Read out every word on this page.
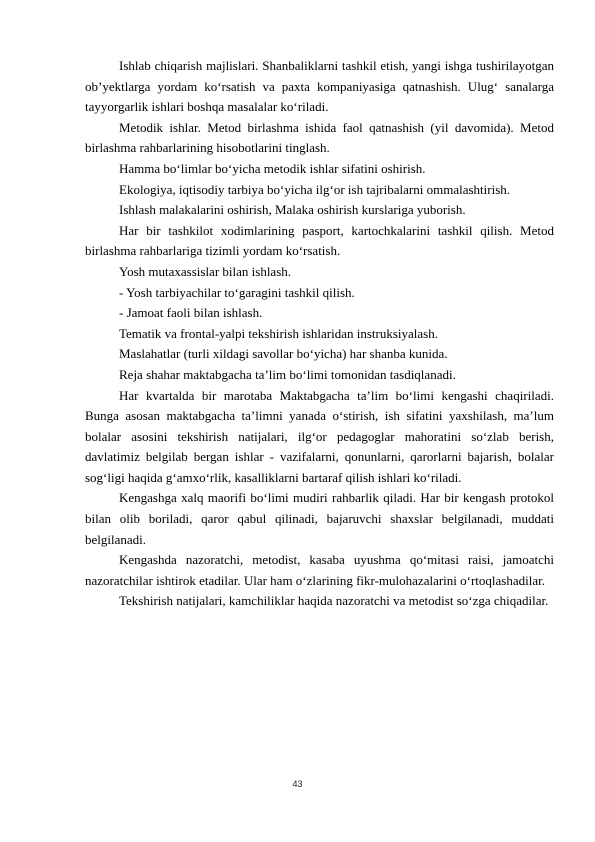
Ishlab chiqarish majlislari. Shanbaliklarni tashkil etish, yangi ishga tushirilayotgan ob’yektlarga yordam ko‘rsatish va paxta kompaniyasiga qatnashish. Ulug‘ sanalarga tayyorgarlik ishlari boshqa masalalar ko‘riladi.

Metodik ishlar. Metod birlashma ishida faol qatnashish (yil davomida). Metod birlashma rahbarlarining hisobotlarini tinglash.

Hamma bo‘limlar bo‘yicha metodik ishlar sifatini oshirish.

Ekologiya, iqtisodiy tarbiya bo‘yicha ilg‘or ish tajribalarni ommalashtirish.

Ishlash malakalarini oshirish, Malaka oshirish kurslariga yuborish.

Har bir tashkilot xodimlarining pasport, kartochkalarini tashkil qilish. Metod birlashma rahbarlariga tizimli yordam ko‘rsatish.

Yosh mutaxassislar bilan ishlash.

- Yosh tarbiyachilar to‘garagini tashkil qilish.

- Jamoat faoli bilan ishlash.

Tematik va frontal-yalpi tekshirish ishlaridan instruksiyalash.

Maslahatlar (turli xildagi savollar bo‘yicha) har shanba kunida.

Reja shahar maktabgacha ta’lim bo‘limi tomonidan tasdiqlanadi.

Har kvartalda bir marotaba Maktabgacha ta’lim bo‘limi kengashi chaqiriladi. Bunga asosan maktabgacha ta’limni yanada o‘stirish, ish sifatini yaxshilash, ma’lum bolalar asosini tekshirish natijalari, ilg‘or pedagoglar mahoratini so‘zlab berish, davlatimiz belgilab bergan ishlar - vazifalarni, qonunlarni, qarorlarni bajarish, bolalar sog‘ligi haqida g‘amxo‘rlik, kasalliklarni bartaraf qilish ishlari ko‘riladi.

Kengashga xalq maorifi bo‘limi mudiri rahbarlik qiladi. Har bir kengash protokol bilan olib boriladi, qaror qabul qilinadi, bajaruvchi shaxslar belgilanadi, muddati belgilanadi.

Kengashda nazoratchi, metodist, kasaba uyushma qo‘mitasi raisi, jamoatchi nazoratchilar ishtirok etadilar. Ular ham o‘zlarining fikr-mulohazalarini o‘rtoqlashadilar.

Tekshirish natijalari, kamchiliklar haqida nazoratchi va metodist so‘zga chiqadilar.

43
